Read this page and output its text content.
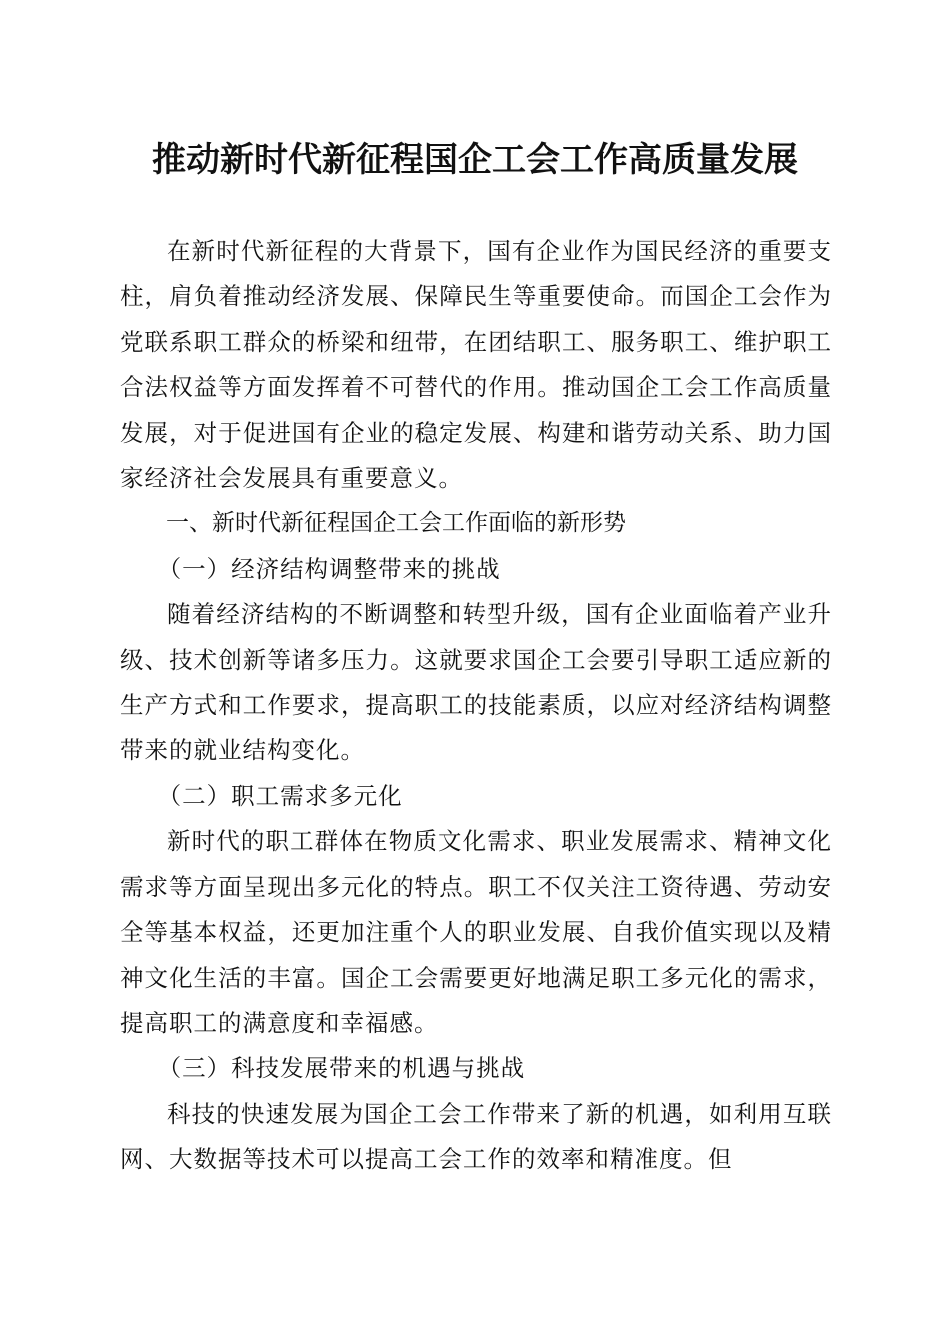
推动新时代新征程国企工会工作高质量发展

在新时代新征程的大背景下，国有企业作为国民经济的重要支柱，肩负着推动经济发展、保障民生等重要使命。而国企工会作为党联系职工群众的桥梁和纽带，在团结职工、服务职工、维护职工合法权益等方面发挥着不可替代的作用。推动国企工会工作高质量发展，对于促进国有企业的稳定发展、构建和谐劳动关系、助力国家经济社会发展具有重要意义。

一、新时代新征程国企工会工作面临的新形势

（一）经济结构调整带来的挑战

随着经济结构的不断调整和转型升级，国有企业面临着产业升级、技术创新等诸多压力。这就要求国企工会要引导职工适应新的生产方式和工作要求，提高职工的技能素质，以应对经济结构调整带来的就业结构变化。

（二）职工需求多元化

新时代的职工群体在物质文化需求、职业发展需求、精神文化需求等方面呈现出多元化的特点。职工不仅关注工资待遇、劳动安全等基本权益，还更加注重个人的职业发展、自我价值实现以及精神文化生活的丰富。国企工会需要更好地满足职工多元化的需求，提高职工的满意度和幸福感。

（三）科技发展带来的机遇与挑战

科技的快速发展为国企工会工作带来了新的机遇，如利用互联网、大数据等技术可以提高工会工作的效率和精准度。但
